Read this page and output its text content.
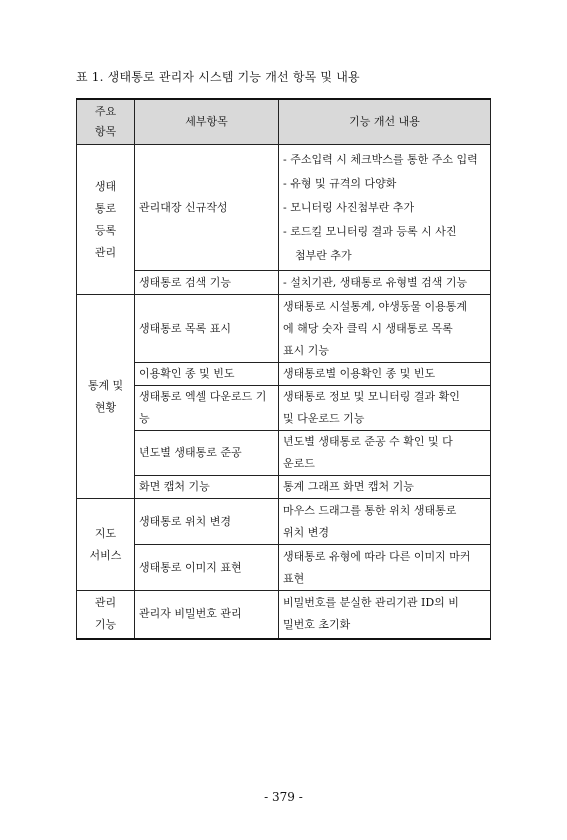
표 1. 생태통로 관리자 시스템 기능 개선 항목 및 내용
주요
항목	세부항목	기능 개선 내용

생태
통로
등록
관리	관리대장 신규작성	- 주소입력 시 체크박스를 통한 주소 입력
- 유형 및 규격의 다양화
- 모니터링 사진첨부란 추가
- 로드킬 모니터링 결과 등록 시 사진
첨부란 추가

	생태통로 검색 기능	- 설치기관, 생태통로 유형별 검색 기능

통계 및
현황	생태통로 목록 표시	생태통로 시설통계, 야생동물 이용통계
에 해당 숫자 클릭 시 생태통로 목록
표시 기능

	이용확인 종 및 빈도	생태통로별 이용확인 종 및 빈도
	생태통로 엑셀 다운로드 기능	생태통로 정보 및 모니터링 결과 확인
및 다운로드 기능

	년도별 생태통로 준공	년도별 생태통로 준공 수 확인 및 다
운로드

	화면 캡처 기능	통계 그래프 화면 캡처 기능

지도
서비스	생태통로 위치 변경	마우스 드래그를 통한 위치 생태통로
위치 변경

	생태통로 이미지 표현	생태통로 유형에 따라 다른 이미지 마커
표현

관리
기능	관리자 비밀번호 관리	비밀번호를 분실한 관리기관 ID의 비
밀번호 초기화
- 379 -
